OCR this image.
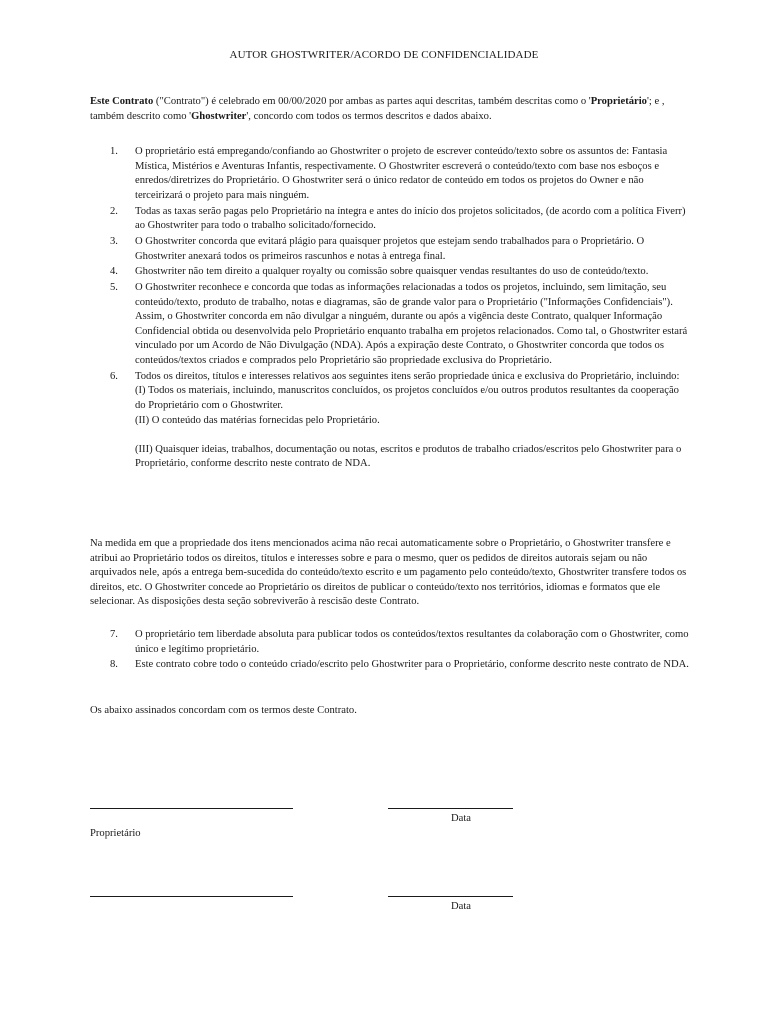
AUTOR GHOSTWRITER/ACORDO DE CONFIDENCIALIDADE
Este Contrato ("Contrato") é celebrado em 00/00/2020 por ambas as partes aqui descritas, também descritas como o 'Proprietário'; e , também descrito como 'Ghostwriter', concordo com todos os termos descritos e dados abaixo.
1. O proprietário está empregando/confiando ao Ghostwriter o projeto de escrever conteúdo/texto sobre os assuntos de: Fantasia Mística, Mistérios e Aventuras Infantis, respectivamente. O Ghostwriter escreverá o conteúdo/texto com base nos esboços e enredos/diretrizes do Proprietário. O Ghostwriter será o único redator de conteúdo em todos os projetos do Owner e não terceirizará o projeto para mais ninguém.

2. Todas as taxas serão pagas pelo Proprietário na íntegra e antes do início dos projetos solicitados, (de acordo com a política Fiverr) ao Ghostwriter para todo o trabalho solicitado/fornecido.

3. O Ghostwriter concorda que evitará plágio para quaisquer projetos que estejam sendo trabalhados para o Proprietário. O Ghostwriter anexará todos os primeiros rascunhos e notas à entrega final.

4. Ghostwriter não tem direito a qualquer royalty ou comissão sobre quaisquer vendas resultantes do uso de conteúdo/texto.

5. O Ghostwriter reconhece e concorda que todas as informações relacionadas a todos os projetos, incluindo, sem limitação, seu conteúdo/texto, produto de trabalho, notas e diagramas, são de grande valor para o Proprietário ("Informações Confidenciais"). Assim, o Ghostwriter concorda em não divulgar a ninguém, durante ou após a vigência deste Contrato, qualquer Informação Confidencial obtida ou desenvolvida pelo Proprietário enquanto trabalha em projetos relacionados. Como tal, o Ghostwriter estará vinculado por um Acordo de Não Divulgação (NDA). Após a expiração deste Contrato, o Ghostwriter concorda que todos os conteúdos/textos criados e comprados pelo Proprietário são propriedade exclusiva do Proprietário.

6. Todos os direitos, títulos e interesses relativos aos seguintes itens serão propriedade única e exclusiva do Proprietário, incluindo:

(I) Todos os materiais, incluindo, manuscritos concluídos, os projetos concluídos e/ou outros produtos resultantes da cooperação do Proprietário com o Ghostwriter.

(II) O conteúdo das matérias fornecidas pelo Proprietário.

(III) Quaisquer ideias, trabalhos, documentação ou notas, escritos e produtos de trabalho criados/escritos pelo Ghostwriter para o Proprietário, conforme descrito neste contrato de NDA.

Na medida em que a propriedade dos itens mencionados acima não recai automaticamente sobre o Proprietário, o Ghostwriter transfere e atribui ao Proprietário todos os direitos, títulos e interesses sobre e para o mesmo, quer os pedidos de direitos autorais sejam ou não arquivados nele, após a entrega bem-sucedida do conteúdo/texto escrito e um pagamento pelo conteúdo/texto, Ghostwriter transfere todos os direitos, etc. O Ghostwriter concede ao Proprietário os direitos de publicar o conteúdo/texto nos territórios, idiomas e formatos que ele selecionar. As disposições desta seção sobreviverão à rescisão deste Contrato.

7. O proprietário tem liberdade absoluta para publicar todos os conteúdos/textos resultantes da colaboração com o Ghostwriter, como único e legítimo proprietário.

8. Este contrato cobre todo o conteúdo criado/escrito pelo Ghostwriter para o Proprietário, conforme descrito neste contrato de NDA.

Os abaixo assinados concordam com os termos deste Contrato.

Data
Proprietário
Data
